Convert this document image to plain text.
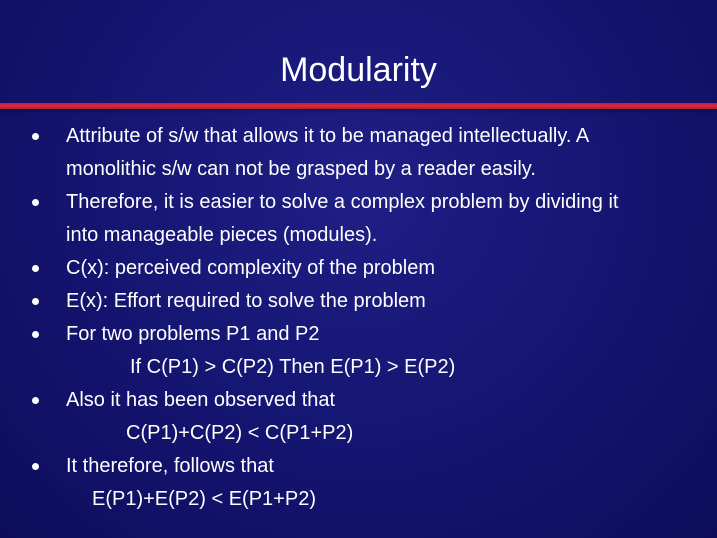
Modularity
Attribute of s/w that allows it to be managed intellectually. A
monolithic s/w can not be grasped by a reader easily.
Therefore, it is easier to solve a complex problem by dividing it
into manageable pieces (modules).
C(x): perceived complexity of the problem
E(x): Effort required to solve the problem
For two problems P1 and P2
If C(P1) > C(P2) Then E(P1) > E(P2)
Also it has been observed that
C(P1)+C(P2) < C(P1+P2)
It therefore, follows that
E(P1)+E(P2) < E(P1+P2)
